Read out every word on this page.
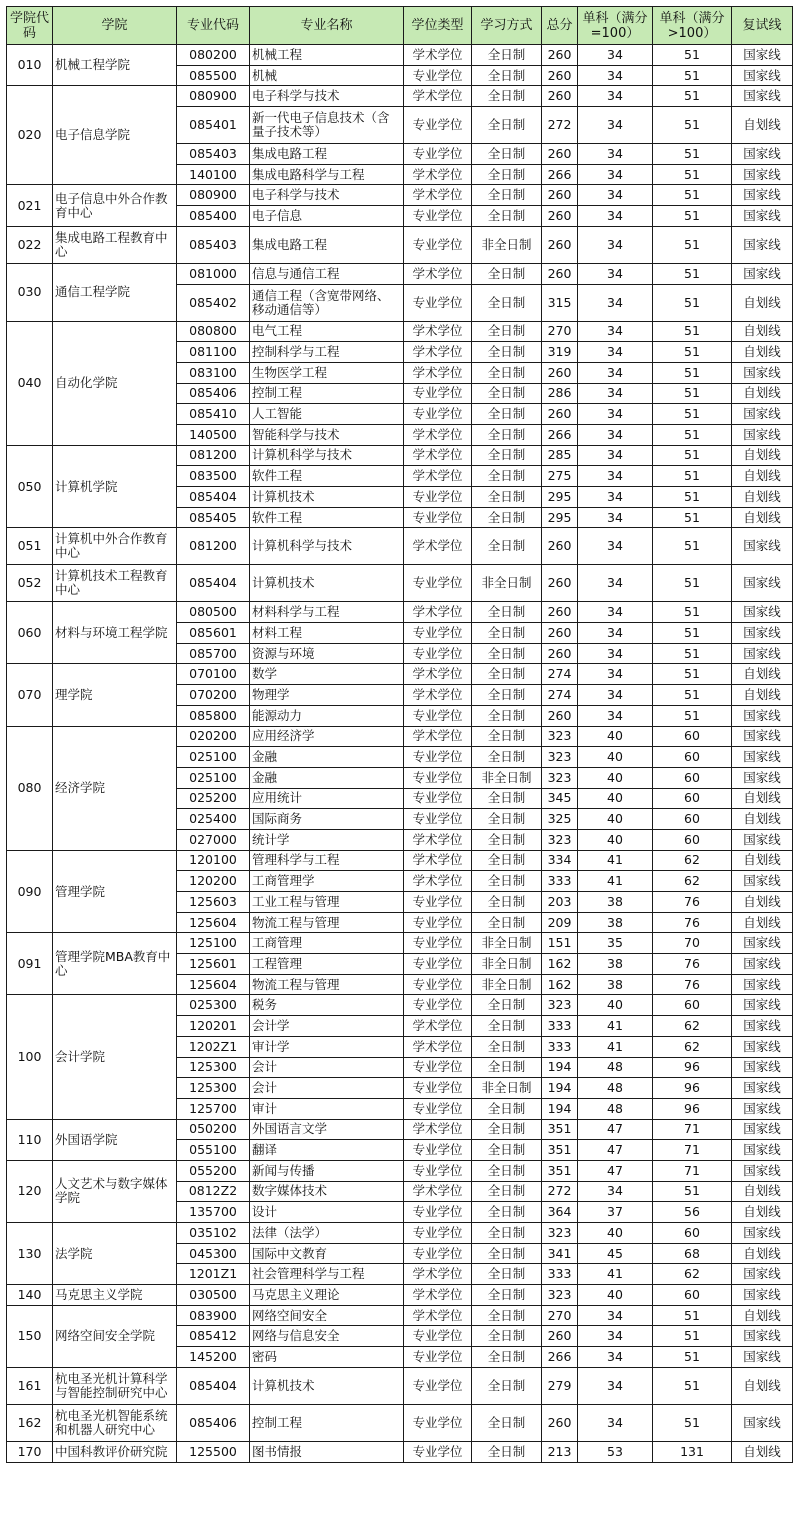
学院代码	学院	专业代码	专业名称	学位类型	学习方式	总分	单科（满分=100）	单科（满分>100）	复试线
010	机械工程学院	080200	机械工程	学术学位	全日制	260	34	51	国家线
		085500	机械	专业学位	全日制	260	34	51	国家线
020	电子信息学院	080900	电子科学与技术	学术学位	全日制	260	34	51	国家线
		085401	新一代电子信息技术（含量子技术等）	专业学位	全日制	272	34	51	自划线
		085403	集成电路工程	专业学位	全日制	260	34	51	国家线
		140100	集成电路科学与工程	学术学位	全日制	266	34	51	国家线
021	电子信息中外合作教育中心	080900	电子科学与技术	学术学位	全日制	260	34	51	国家线
		085400	电子信息	专业学位	全日制	260	34	51	国家线
022	集成电路工程教育中心	085403	集成电路工程	专业学位	非全日制	260	34	51	国家线
030	通信工程学院	081000	信息与通信工程	学术学位	全日制	260	34	51	国家线
		085402	通信工程（含宽带网络、移动通信等）	专业学位	全日制	315	34	51	自划线
040	自动化学院	080800	电气工程	学术学位	全日制	270	34	51	自划线
		081100	控制科学与工程	学术学位	全日制	319	34	51	自划线
		083100	生物医学工程	学术学位	全日制	260	34	51	国家线
		085406	控制工程	专业学位	全日制	286	34	51	自划线
		085410	人工智能	专业学位	全日制	260	34	51	国家线
		140500	智能科学与技术	学术学位	全日制	266	34	51	国家线
050	计算机学院	081200	计算机科学与技术	学术学位	全日制	285	34	51	自划线
		083500	软件工程	学术学位	全日制	275	34	51	自划线
		085404	计算机技术	专业学位	全日制	295	34	51	自划线
		085405	软件工程	专业学位	全日制	295	34	51	自划线
051	计算机中外合作教育中心	081200	计算机科学与技术	学术学位	全日制	260	34	51	国家线
052	计算机技术工程教育中心	085404	计算机技术	专业学位	非全日制	260	34	51	国家线
060	材料与环境工程学院	080500	材料科学与工程	学术学位	全日制	260	34	51	国家线
		085601	材料工程	专业学位	全日制	260	34	51	国家线
		085700	资源与环境	专业学位	全日制	260	34	51	国家线
070	理学院	070100	数学	学术学位	全日制	274	34	51	自划线
		070200	物理学	学术学位	全日制	274	34	51	自划线
		085800	能源动力	专业学位	全日制	260	34	51	国家线
080	经济学院	020200	应用经济学	学术学位	全日制	323	40	60	国家线
		025100	金融	专业学位	全日制	323	40	60	国家线
		025100	金融	专业学位	非全日制	323	40	60	国家线
		025200	应用统计	专业学位	全日制	345	40	60	自划线
		025400	国际商务	专业学位	全日制	325	40	60	自划线
		027000	统计学	学术学位	全日制	323	40	60	国家线
090	管理学院	120100	管理科学与工程	学术学位	全日制	334	41	62	自划线
		120200	工商管理学	学术学位	全日制	333	41	62	国家线
		125603	工业工程与管理	专业学位	全日制	203	38	76	自划线
		125604	物流工程与管理	专业学位	全日制	209	38	76	自划线
091	管理学院MBA教育中心	125100	工商管理	专业学位	非全日制	151	35	70	国家线
		125601	工程管理	专业学位	非全日制	162	38	76	国家线
		125604	物流工程与管理	专业学位	非全日制	162	38	76	国家线
100	会计学院	025300	税务	专业学位	全日制	323	40	60	国家线
		120201	会计学	学术学位	全日制	333	41	62	国家线
		1202Z1	审计学	学术学位	全日制	333	41	62	国家线
		125300	会计	专业学位	全日制	194	48	96	国家线
		125300	会计	专业学位	非全日制	194	48	96	国家线
		125700	审计	专业学位	全日制	194	48	96	国家线
110	外国语学院	050200	外国语言文学	学术学位	全日制	351	47	71	国家线
		055100	翻译	专业学位	全日制	351	47	71	国家线
120	人文艺术与数字媒体学院	055200	新闻与传播	专业学位	全日制	351	47	71	国家线
		0812Z2	数字媒体技术	学术学位	全日制	272	34	51	自划线
		135700	设计	专业学位	全日制	364	37	56	自划线
130	法学院	035102	法律（法学）	专业学位	全日制	323	40	60	国家线
		045300	国际中文教育	专业学位	全日制	341	45	68	自划线
		1201Z1	社会管理科学与工程	学术学位	全日制	333	41	62	国家线
140	马克思主义学院	030500	马克思主义理论	学术学位	全日制	323	40	60	国家线
150	网络空间安全学院	083900	网络空间安全	学术学位	全日制	270	34	51	自划线
		085412	网络与信息安全	专业学位	全日制	260	34	51	国家线
		145200	密码	专业学位	全日制	266	34	51	国家线
161	杭电圣光机计算科学与智能控制研究中心	085404	计算机技术	专业学位	全日制	279	34	51	自划线
162	杭电圣光机智能系统和机器人研究中心	085406	控制工程	专业学位	全日制	260	34	51	国家线
170	中国科教评价研究院	125500	图书情报	专业学位	全日制	213	53	131	自划线
